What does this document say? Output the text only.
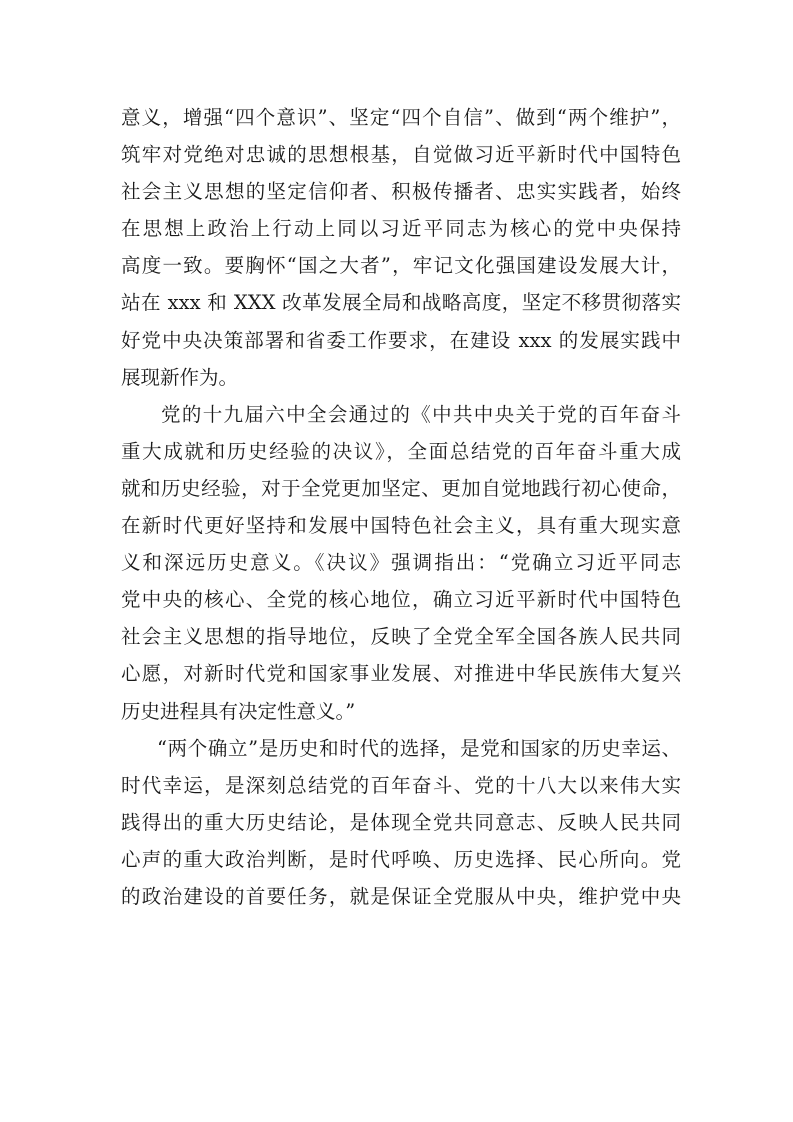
意义，增强“四个意识”、坚定“四个自信”、做到“两个维护”，
筑牢对党绝对忠诚的思想根基，自觉做习近平新时代中国特色
社会主义思想的坚定信仰者、积极传播者、忠实实践者，始终
在思想上政治上行动上同以习近平同志为核心的党中央保持
高度一致。要胸怀“国之大者”，牢记文化强国建设发展大计，
站在 xxx 和 XXX 改革发展全局和战略高度，坚定不移贯彻落实
好党中央决策部署和省委工作要求，在建设 xxx 的发展实践中
展现新作为。
党的十九届六中全会通过的《中共中央关于党的百年奋斗
重大成就和历史经验的决议》，全面总结党的百年奋斗重大成
就和历史经验，对于全党更加坚定、更加自觉地践行初心使命，
在新时代更好坚持和发展中国特色社会主义，具有重大现实意
义和深远历史意义。《决议》强调指出：“党确立习近平同志
党中央的核心、全党的核心地位，确立习近平新时代中国特色
社会主义思想的指导地位，反映了全党全军全国各族人民共同
心愿，对新时代党和国家事业发展、对推进中华民族伟大复兴
历史进程具有决定性意义。”
“两个确立”是历史和时代的选择，是党和国家的历史幸运、
时代幸运，是深刻总结党的百年奋斗、党的十八大以来伟大实
践得出的重大历史结论，是体现全党共同意志、反映人民共同
心声的重大政治判断，是时代呼唤、历史选择、民心所向。党
的政治建设的首要任务，就是保证全党服从中央，维护党中央
